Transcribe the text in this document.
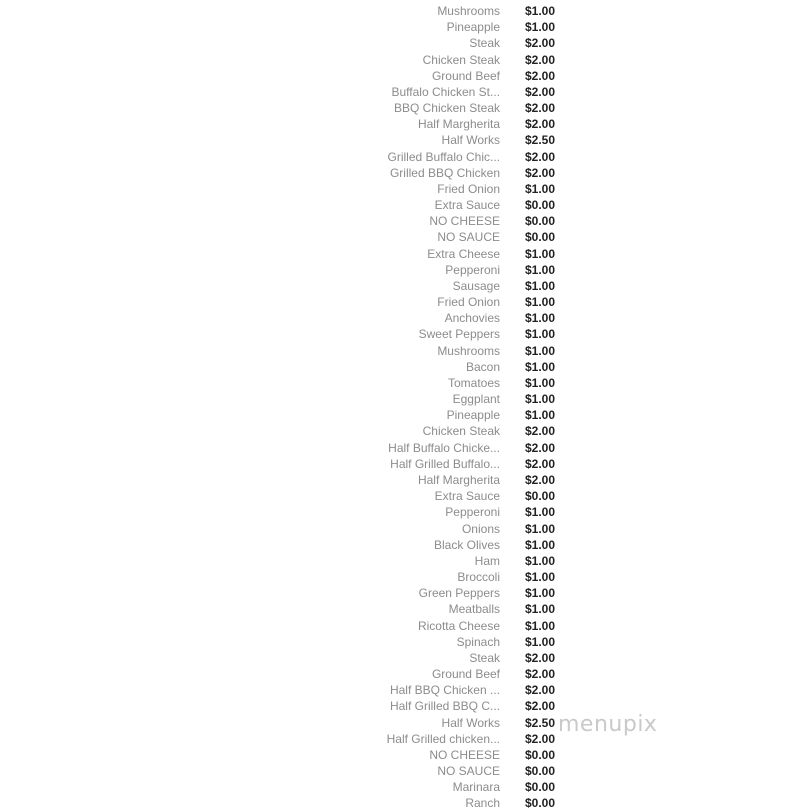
Mushrooms $1.00
Pineapple $1.00
Steak $2.00
Chicken Steak $2.00
Ground Beef $2.00
Buffalo Chicken St... $2.00
BBQ Chicken Steak $2.00
Half Margherita $2.00
Half Works $2.50
Grilled Buffalo Chic... $2.00
Grilled BBQ Chicken $2.00
Fried Onion $1.00
Extra Sauce $0.00
NO CHEESE $0.00
NO SAUCE $0.00
Extra Cheese $1.00
Pepperoni $1.00
Sausage $1.00
Fried Onion $1.00
Anchovies $1.00
Sweet Peppers $1.00
Mushrooms $1.00
Bacon $1.00
Tomatoes $1.00
Eggplant $1.00
Pineapple $1.00
Chicken Steak $2.00
Half Buffalo Chicke... $2.00
Half Grilled Buffalo... $2.00
Half Margherita $2.00
Extra Sauce $0.00
Pepperoni $1.00
Onions $1.00
Black Olives $1.00
Ham $1.00
Broccoli $1.00
Green Peppers $1.00
Meatballs $1.00
Ricotta Cheese $1.00
Spinach $1.00
Steak $2.00
Ground Beef $2.00
Half BBQ Chicken ... $2.00
Half Grilled BBQ C... $2.00
Half Works $2.50
Half Grilled chicken... $2.00
NO CHEESE $0.00
NO SAUCE $0.00
Marinara $0.00
Ranch $0.00
menupix
